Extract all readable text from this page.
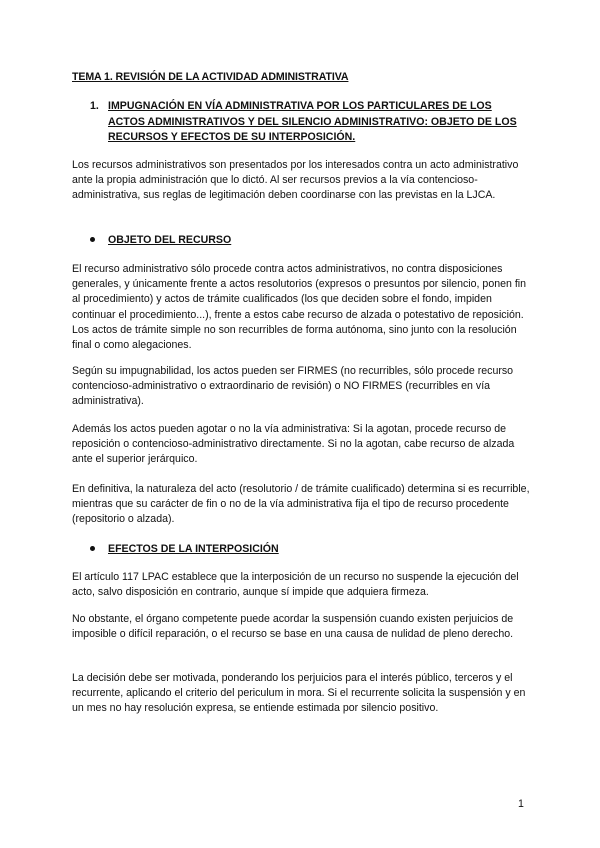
TEMA 1. REVISIÓN DE LA ACTIVIDAD ADMINISTRATIVA

1. IMPUGNACIÓN EN VÍA ADMINISTRATIVA POR LOS PARTICULARES DE LOS ACTOS ADMINISTRATIVOS Y DEL SILENCIO ADMINISTRATIVO: OBJETO DE LOS RECURSOS Y EFECTOS DE SU INTERPOSICIÓN.

Los recursos administrativos son presentados por los interesados contra un acto administrativo ante la propia administración que lo dictó. Al ser recursos previos a la vía contencioso-administrativa, sus reglas de legitimación deben coordinarse con las previstas en la LJCA.

OBJETO DEL RECURSO

El recurso administrativo sólo procede contra actos administrativos, no contra disposiciones generales, y únicamente frente a actos resolutorios (expresos o presuntos por silencio, ponen fin al procedimiento) y actos de trámite cualificados (los que deciden sobre el fondo, impiden continuar el procedimiento...), frente a estos cabe recurso de alzada o potestativo de reposición. Los actos de trámite simple no son recurribles de forma autónoma, sino junto con la resolución final o como alegaciones.

Según su impugnabilidad, los actos pueden ser FIRMES (no recurribles, sólo procede recurso contencioso-administrativo o extraordinario de revisión) o NO FIRMES (recurribles en vía administrativa).

Además los actos pueden agotar o no la vía administrativa: Si la agotan, procede recurso de reposición o contencioso-administrativo directamente. Si no la agotan, cabe recurso de alzada ante el superior jerárquico.

En definitiva, la naturaleza del acto (resolutorio / de trámite cualificado) determina si es recurrible, mientras que su carácter de fin o no de la vía administrativa fija el tipo de recurso procedente (repositorio o alzada).

EFECTOS DE LA INTERPOSICIÓN

El artículo 117 LPAC establece que la interposición de un recurso no suspende la ejecución del acto, salvo disposición en contrario, aunque sí impide que adquiera firmeza.

No obstante, el órgano competente puede acordar la suspensión cuando existen perjuicios de imposible o difícil reparación, o el recurso se base en una causa de nulidad de pleno derecho.

La decisión debe ser motivada, ponderando los perjuicios para el interés público, terceros y el recurrente, aplicando el criterio del periculum in mora. Si el recurrente solicita la suspensión y en un mes no hay resolución expresa, se entiende estimada por silencio positivo.

1
